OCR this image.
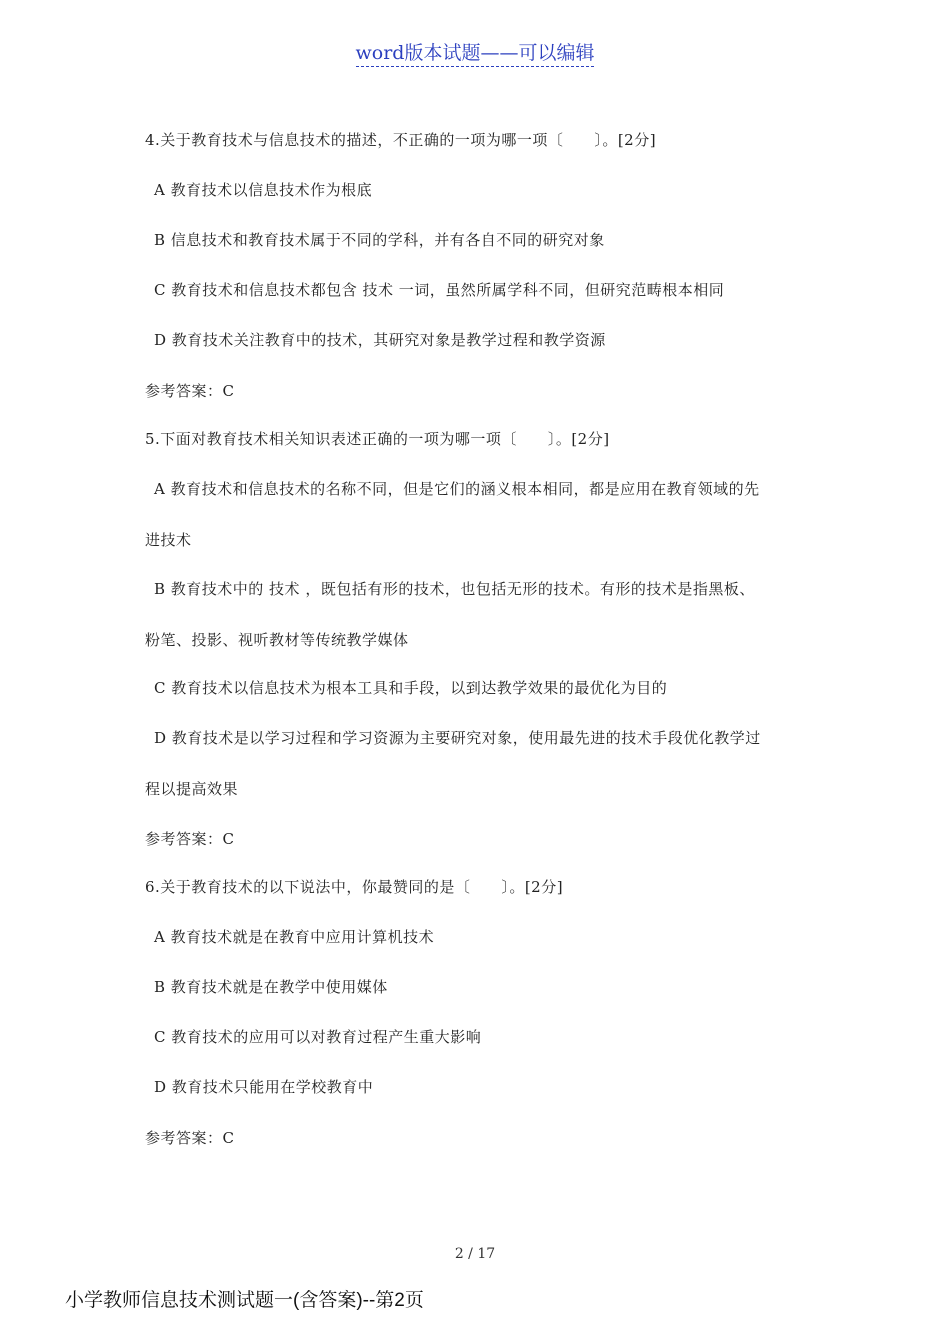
word版本试题——可以编辑
4.关于教育技术与信息技术的描述，不正确的一项为哪一项〔　　〕。[2分]
A 教育技术以信息技术作为根底
B 信息技术和教育技术属于不同的学科，并有各自不同的研究对象
C 教育技术和信息技术都包含 技术 一词，虽然所属学科不同，但研究范畴根本相同
D 教育技术关注教育中的技术，其研究对象是教学过程和教学资源
参考答案：C
5.下面对教育技术相关知识表述正确的一项为哪一项〔　　〕。[2分]
A 教育技术和信息技术的名称不同，但是它们的涵义根本相同，都是应用在教育领域的先
进技术
B 教育技术中的 技术 ，既包括有形的技术，也包括无形的技术。有形的技术是指黑板、
粉笔、投影、视听教材等传统教学媒体
C 教育技术以信息技术为根本工具和手段，以到达教学效果的最优化为目的
D 教育技术是以学习过程和学习资源为主要研究对象，使用最先进的技术手段优化教学过
程以提高效果
参考答案：C
6.关于教育技术的以下说法中，你最赞同的是〔　　〕。[2分]
A 教育技术就是在教育中应用计算机技术
B 教育技术就是在教学中使用媒体
C 教育技术的应用可以对教育过程产生重大影响
D 教育技术只能用在学校教育中
参考答案：C
2 / 17
小学教师信息技术测试题一(含答案)--第2页
